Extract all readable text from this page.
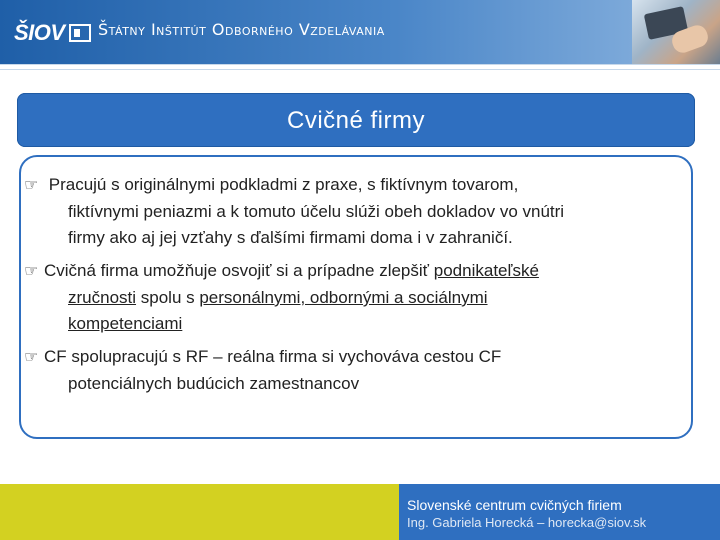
ŠIOV Štátny Inštitút Odborného Vzdelávania
Cvičné firmy
☞ Pracujú s originálnymi podkladmi z praxe, s fiktívnym tovarom,
fiktívnymi peniazmi a k tomuto účelu slúži obeh dokladov vo vnútri
firmy ako aj jej vzťahy s ďalšími firmami doma i v zahraničí.
☞ Cvičná firma umožňuje osvojiť si a prípadne zlepšiť podnikateľské
zručnosti spolu s personálnymi, odbornými a sociálnymi
kompetenciami
☞ CF spolupracujú s RF – reálna firma si vychováva cestou CF
potenciálnych budúcich zamestnancov
Slovenské centrum cvičných firiem
Ing. Gabriela Horecká – horecka@siov.sk
